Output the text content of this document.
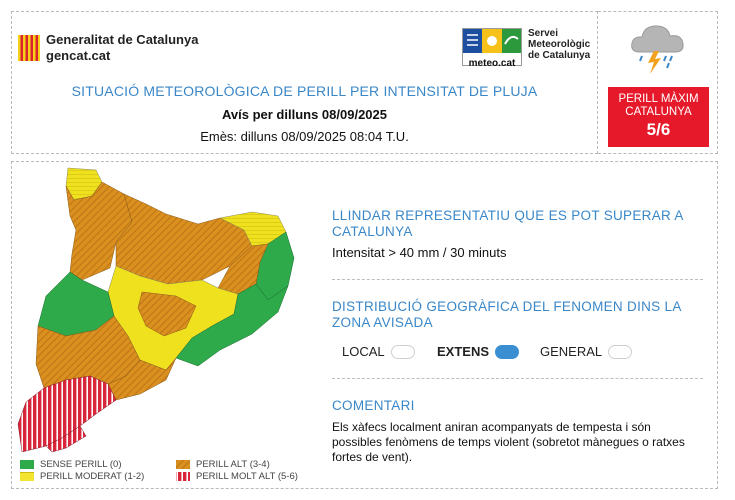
Generalitat de Catalunya
gencat.cat
meteo.cat
Servei
Meteorològic
de Catalunya
SITUACIÓ METEOROLÒGICA DE PERILL PER INTENSITAT DE PLUJA
Avís per dilluns 08/09/2025
Emès: dilluns 08/09/2025 08:04 T.U.
PERILL MÀXIM
CATALUNYA
5/6
SENSE PERILL (0)
PERILL MODERAT (1-2)
PERILL ALT (3-4)
PERILL MOLT ALT (5-6)
LLINDAR REPRESENTATIU QUE ES POT SUPERAR A CATALUNYA
Intensitat > 40 mm / 30 minuts
DISTRIBUCIÓ GEOGRÀFICA DEL FENOMEN DINS LA ZONA AVISADA
LOCAL	EXTENS	GENERAL
COMENTARI
Els xàfecs localment aniran acompanyats de tempesta i són possibles fenòmens de temps violent (sobretot mànegues o ratxes fortes de vent).
